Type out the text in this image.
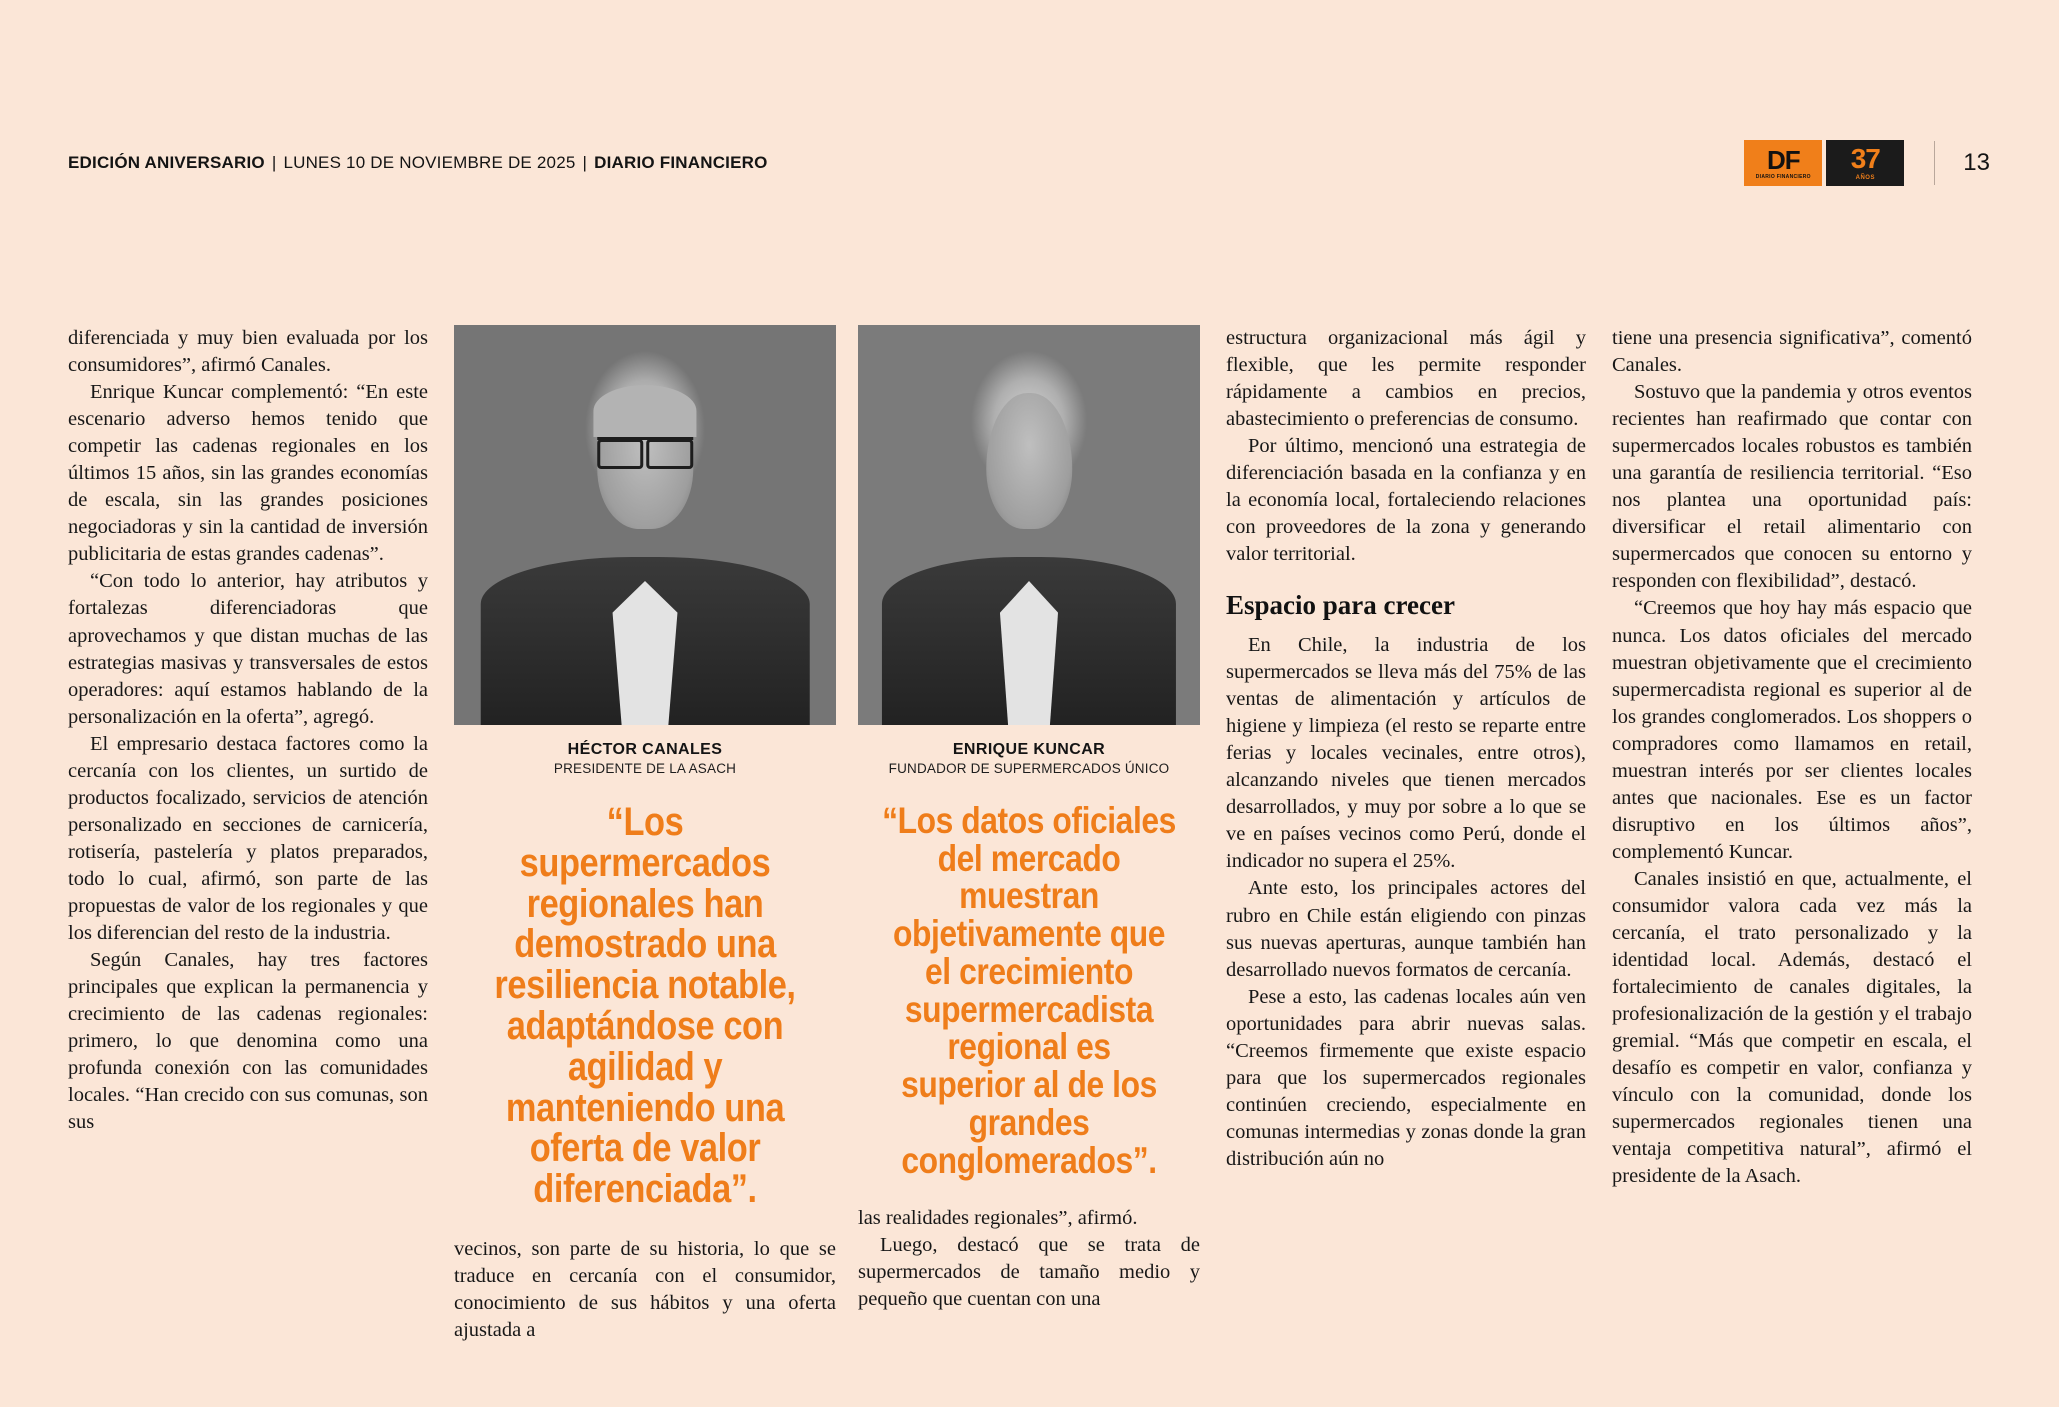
EDICIÓN ANIVERSARIO | LUNES 10 DE NOVIEMBRE DE 2025 | DIARIO FINANCIERO	DF
DIARIO FINANCIERO
37
AÑOS
13

diferenciada y muy bien evaluada por los consumidores”, afirmó Canales.

Enrique Kuncar complementó: “En este escenario adverso hemos tenido que competir las cadenas regionales en los últimos 15 años, sin las grandes economías de escala, sin las grandes posiciones negociadoras y sin la cantidad de inversión publicitaria de estas grandes cadenas”.

“Con todo lo anterior, hay atributos y fortalezas diferenciadoras que aprovechamos y que distan muchas de las estrategias masivas y transversales de estos operadores: aquí estamos hablando de la personalización en la oferta”, agregó.

El empresario destaca factores como la cercanía con los clientes, un surtido de productos focalizado, servicios de atención personalizado en secciones de carnicería, rotisería, pastelería y platos preparados, todo lo cual, afirmó, son parte de las propuestas de valor de los regionales y que los diferencian del resto de la industria.

Según Canales, hay tres factores principales que explican la permanencia y crecimiento de las cadenas regionales: primero, lo que denomina como una profunda conexión con las comunidades locales. “Han crecido con sus comunas, son sus

HÉCTOR CANALES
PRESIDENTE DE LA ASACH
“Los supermercados regionales han demostrado una resiliencia notable, adaptándose con agilidad y manteniendo una oferta de valor diferenciada”.

vecinos, son parte de su historia, lo que se traduce en cercanía con el consumidor, conocimiento de sus hábitos y una oferta ajustada a

ENRIQUE KUNCAR
FUNDADOR DE SUPERMERCADOS ÚNICO
“Los datos oficiales del mercado muestran objetivamente que el crecimiento supermercadista regional es superior al de los grandes conglomerados”.

las realidades regionales”, afirmó.

Luego, destacó que se trata de supermercados de tamaño medio y pequeño que cuentan con una

estructura organizacional más ágil y flexible, que les permite responder rápidamente a cambios en precios, abastecimiento o preferencias de consumo.

Por último, mencionó una estrategia de diferenciación basada en la confianza y en la economía local, fortaleciendo relaciones con proveedores de la zona y generando valor territorial.

Espacio para crecer

En Chile, la industria de los supermercados se lleva más del 75% de las ventas de alimentación y artículos de higiene y limpieza (el resto se reparte entre ferias y locales vecinales, entre otros), alcanzando niveles que tienen mercados desarrollados, y muy por sobre a lo que se ve en países vecinos como Perú, donde el indicador no supera el 25%.

Ante esto, los principales actores del rubro en Chile están eligiendo con pinzas sus nuevas aperturas, aunque también han desarrollado nuevos formatos de cercanía.

Pese a esto, las cadenas locales aún ven oportunidades para abrir nuevas salas. “Creemos firmemente que existe espacio para que los supermercados regionales continúen creciendo, especialmente en comunas intermedias y zonas donde la gran distribución aún no

tiene una presencia significativa”, comentó Canales.

Sostuvo que la pandemia y otros eventos recientes han reafirmado que contar con supermercados locales robustos es también una garantía de resiliencia territorial. “Eso nos plantea una oportunidad país: diversificar el retail alimentario con supermercados que conocen su entorno y responden con flexibilidad”, destacó.

“Creemos que hoy hay más espacio que nunca. Los datos oficiales del mercado muestran objetivamente que el crecimiento supermercadista regional es superior al de los grandes conglomerados. Los shoppers o compradores como llamamos en retail, muestran interés por ser clientes locales antes que nacionales. Ese es un factor disruptivo en los últimos años”, complementó Kuncar.

Canales insistió en que, actualmente, el consumidor valora cada vez más la cercanía, el trato personalizado y la identidad local. Además, destacó el fortalecimiento de canales digitales, la profesionalización de la gestión y el trabajo gremial. “Más que competir en escala, el desafío es competir en valor, confianza y vínculo con la comunidad, donde los supermercados regionales tienen una ventaja competitiva natural”, afirmó el presidente de la Asach.
